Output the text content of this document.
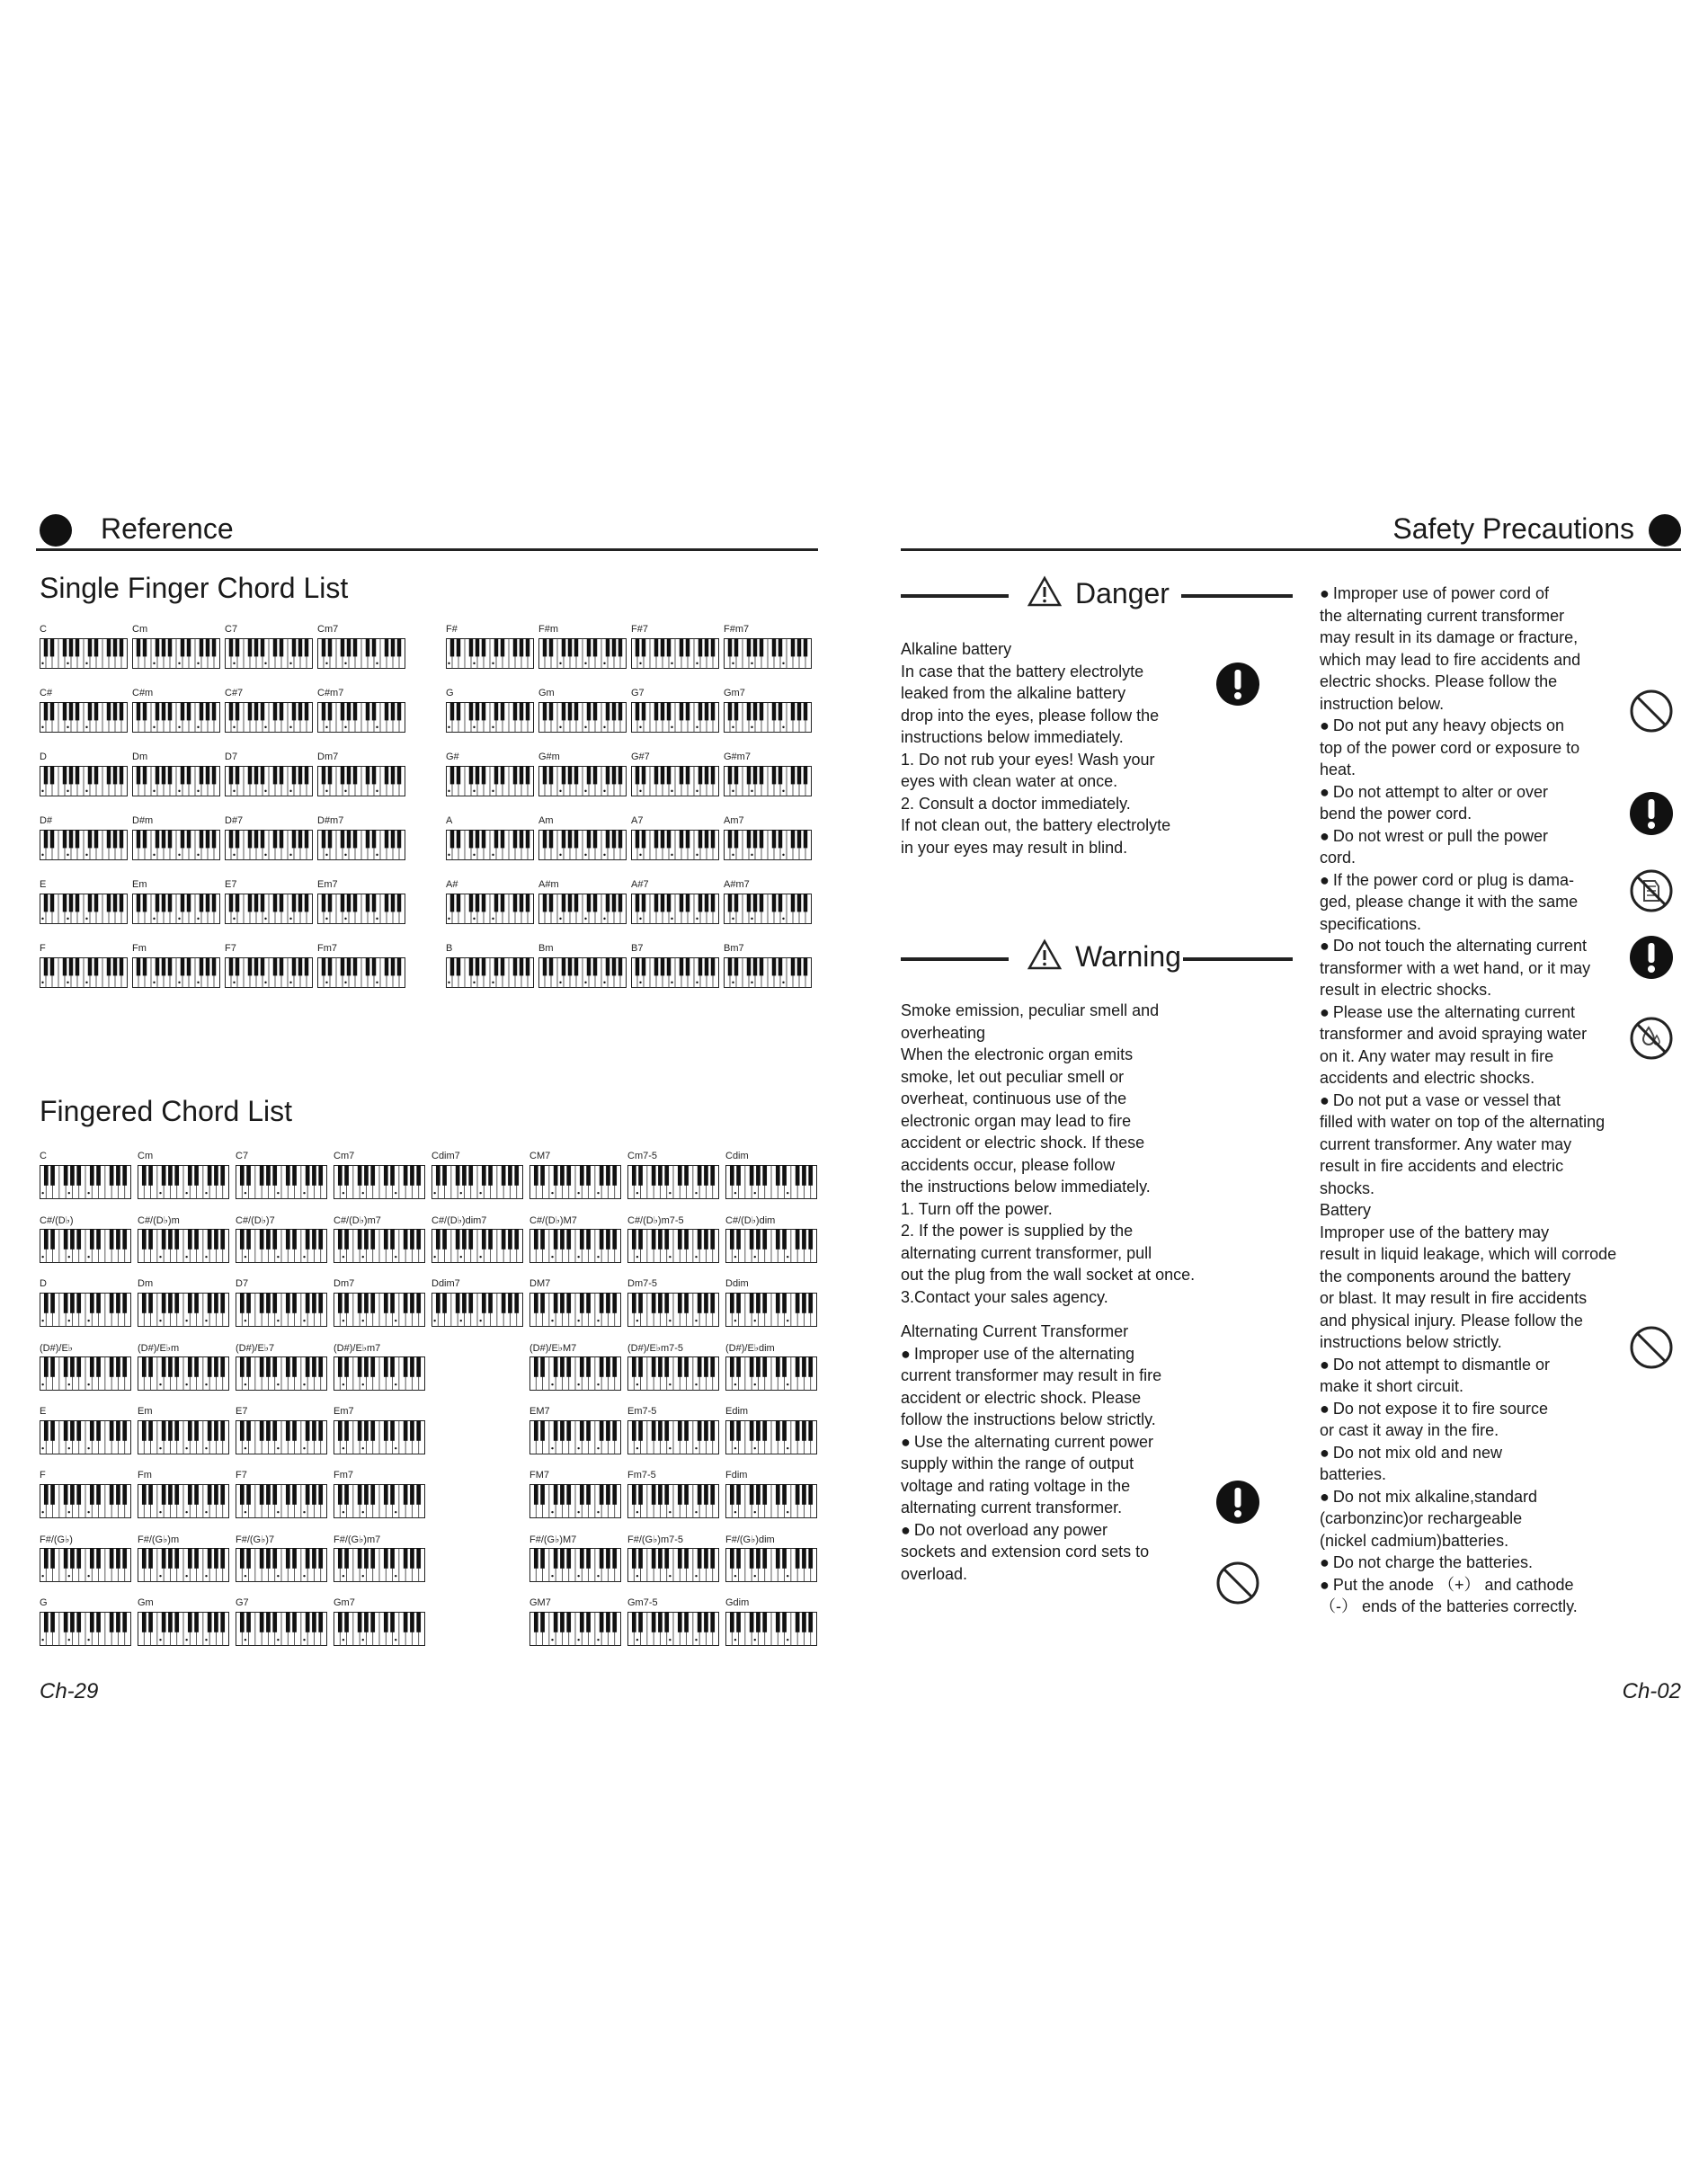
Reference
Single Finger Chord List
C	Cm	C7	Cm7
C#	C#m	C#7	C#m7
D	Dm	D7	Dm7
D#	D#m	D#7	D#m7
E	Em	E7	Em7
F	Fm	F7	Fm7
F#	F#m	F#7	F#m7
G	Gm	G7	Gm7
G#	G#m	G#7	G#m7
A	Am	A7	Am7
A#	A#m	A#7	A#m7
B	Bm	B7	Bm7
Fingered Chord List
C	Cm	C7	Cm7	Cdim7	CM7	Cm7-5	Cdim
C#/(D♭)	C#/(D♭)m	C#/(D♭)7	C#/(D♭)m7	C#/(D♭)dim7	C#/(D♭)M7	C#/(D♭)m7-5	C#/(D♭)dim
D	Dm	D7	Dm7	Ddim7	DM7	Dm7-5	Ddim
(D#)/E♭	(D#)/E♭m	(D#)/E♭7	(D#)/E♭m7	(D#)/E♭M7	(D#)/E♭m7-5	(D#)/E♭dim
E	Em	E7	Em7	EM7	Em7-5	Edim
F	Fm	F7	Fm7	FM7	Fm7-5	Fdim
F#/(G♭)	F#/(G♭)m	F#/(G♭)7	F#/(G♭)m7	F#/(G♭)M7	F#/(G♭)m7-5	F#/(G♭)dim
G	Gm	G7	Gm7	GM7	Gm7-5	Gdim
Ch-29
Safety Precautions
Danger

Alkaline battery

In case that the battery electrolyte

leaked from the alkaline battery

drop into the eyes, please follow the

instructions below immediately.

1. Do not rub your eyes! Wash your

eyes with clean water at once.

2. Consult a doctor immediately.

If not clean out, the battery electrolyte

in your eyes may result in blind.

Warning

Smoke emission, peculiar smell and

overheating

When the electronic organ emits

smoke, let out peculiar smell or

overheat, continuous use of the

electronic organ may lead to fire

accident or electric shock. If these

accidents occur, please follow

the instructions below immediately.

1. Turn off the power.

2. If the power is supplied by the

alternating current transformer, pull

out the plug from the wall socket at once.

3.Contact your sales agency.

Alternating Current Transformer

● Improper use of the alternating

current transformer may result in fire

accident or electric shock. Please

follow the instructions below strictly.

● Use the alternating current power

supply within the range of output

voltage and rating voltage in the

alternating current transformer.

● Do not overload any power

sockets and extension cord sets to

overload.

● Improper use of power cord of

the alternating current transformer

may result in its damage or fracture,

which may lead to fire accidents and

electric shocks. Please follow the

instruction below.

● Do not put any heavy objects on

top of the power cord or exposure to

heat.

● Do not attempt to alter or over

bend the power cord.

● Do not wrest or pull the power

cord.

● If the power cord or plug is dama-

ged, please change it with the same

specifications.

● Do not touch the alternating current

transformer with a wet hand, or it may

result in electric shocks.

● Please use the alternating current

transformer and avoid spraying water

on it. Any water may result in fire

accidents and electric shocks.

● Do not put a vase or vessel that

filled with water on top of the alternating

current transformer. Any water may

result in fire accidents and electric

shocks.

Battery

Improper use of the battery may

result in liquid leakage, which will corrode

the components around the battery

or blast. It may result in fire accidents

and physical injury. Please follow the

instructions below strictly.

● Do not attempt to dismantle or

make it short circuit.

● Do not expose it to fire source

or cast it away in the fire.

● Do not mix old and new

batteries.

● Do not mix alkaline,standard

(carbonzinc)or rechargeable

(nickel cadmium)batteries.

● Do not charge the batteries.

● Put the anode （+） and cathode

（-） ends of the batteries correctly.

Ch-02
